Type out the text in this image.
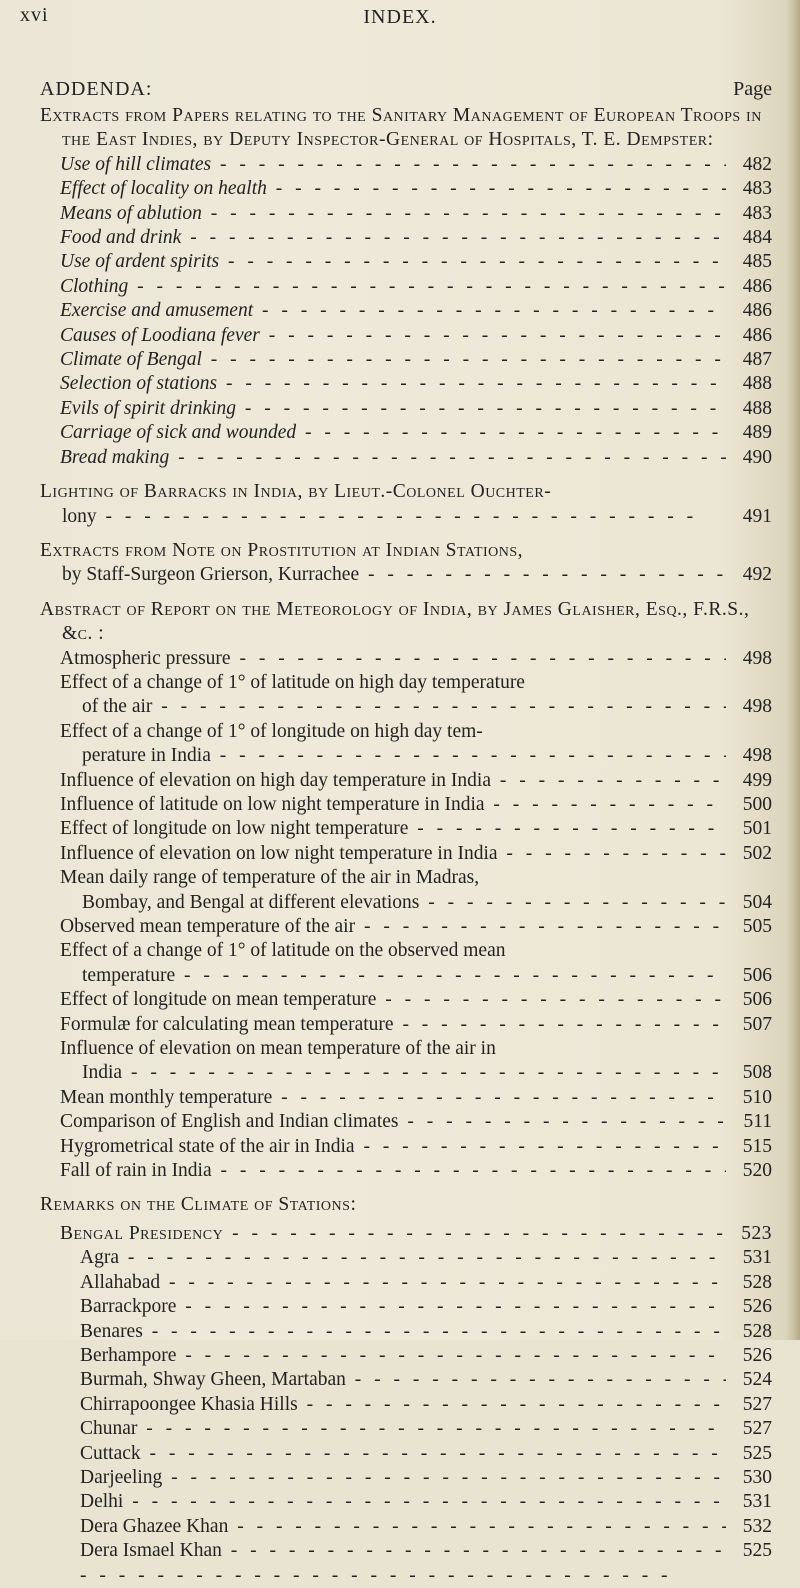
xvi	INDEX.
ADDENDA:	Page
Extracts from Papers relating to the Sanitary Management of European Troops in the East Indies, by Deputy Inspector-General of Hospitals, T. E. Dempster:
Use of hill climates - - -	482
Effect of locality on health - - -	483
Means of ablution - - -	483
Food and drink - - -	484
Use of ardent spirits - - -	485
Clothing - - -	486
Exercise and amusement - - -	486
Causes of Loodiana fever - - -	486
Climate of Bengal - - -	487
Selection of stations - - -	488
Evils of spirit drinking - - -	488
Carriage of sick and wounded - - -	489
Bread making - - -	490
Lighting of Barracks in India, by Lieut.-Colonel Ouchter-
lony - - -	491
Extracts from Note on Prostitution at Indian Stations,
by Staff-Surgeon Grierson, Kurrachee - - -	492
Abstract of Report on the Meteorology of India, by James Glaisher, Esq., F.R.S., &c. :
Atmospheric pressure - - -	498
Effect of a change of 1° of latitude on high day temperature
of the air - - -	498
Effect of a change of 1° of longitude on high day tem-
perature in India - - -	498
Influence of elevation on high day temperature in India - - -	499
Influence of latitude on low night temperature in India - - -	500
Effect of longitude on low night temperature - - -	501
Influence of elevation on low night temperature in India - - -	502
Mean daily range of temperature of the air in Madras,
Bombay, and Bengal at different elevations - - -	504
Observed mean temperature of the air - - -	505
Effect of a change of 1° of latitude on the observed mean
temperature - - -	506
Effect of longitude on mean temperature - - -	506
Formulæ for calculating mean temperature - - -	507
Influence of elevation on mean temperature of the air in
India - - -	508
Mean monthly temperature - - -	510
Comparison of English and Indian climates - - -	511
Hygrometrical state of the air in India - - -	515
Fall of rain in India - - -	520
Remarks on the Climate of Stations:
Bengal Presidency - - -	523
Agra - - -	531
Allahabad - - -	528
Barrackpore - - -	526
Benares - - -	528
Berhampore - - -	526
Burmah, Shway Gheen, Martaban - - -	524
Chirrapoongee Khasia Hills - - -	527
Chunar - - -	527
Cuttack - - -	525
Darjeeling - - -	530
Delhi - - -	531
Dera Ghazee Khan - - -	532
Dera Ismael Khan - - -	525
- - -
